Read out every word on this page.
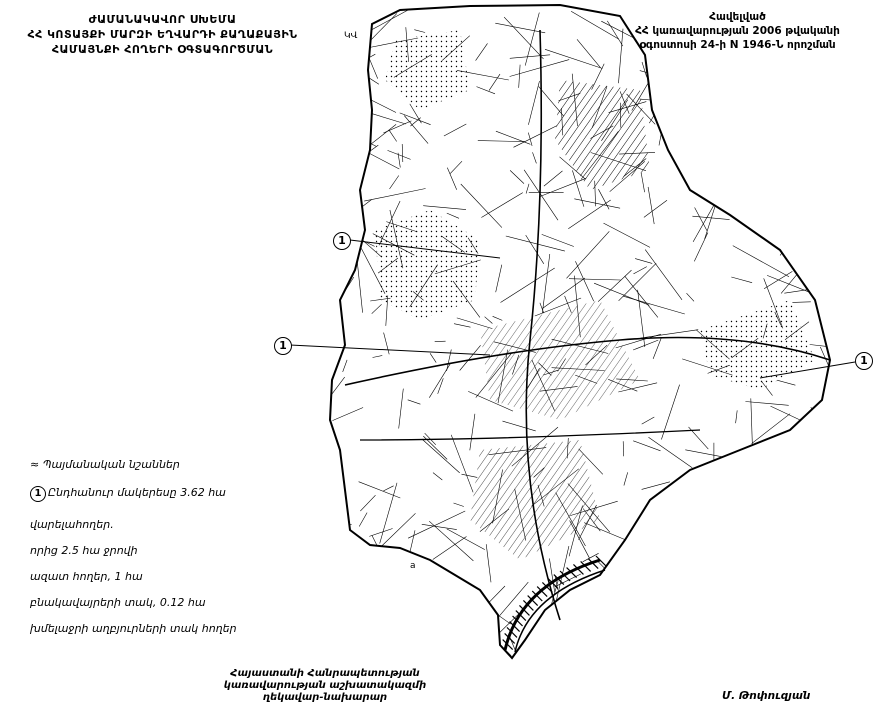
ԿՎ
a
1
1
1
ԺԱՄԱՆԱԿԱՎՈՐ ՍԽԵՄԱ
ՀՀ ԿՈՏԱՅՔԻ ՄԱՐԶԻ ԵՂՎԱՐԴԻ ՔԱՂԱՔԱՅԻՆ
ՀԱՄԱՅՆՔԻ ՀՈՂԵՐԻ ՕԳՏԱԳՈՐԾՄԱՆ
Հավելված
ՀՀ կառավարության 2006 թվականի
օգոստոսի 24-ի N 1946-Ն որոշման
≈ Պայմանական նշաններ
1 Ընդհանուր մակերեսը 3.62 հա
վարելահողեր.
որից 2.5 հա ջրովի
ազատ հողեր, 1 հա
բնակավայրերի տակ, 0.12 հա
խմելաջրի աղբյուրների տակ հողեր
Հայաստանի Հանրապետության
կառավարության աշխատակազմի
ղեկավար-նախարար	Մ. Թոփուզյան
